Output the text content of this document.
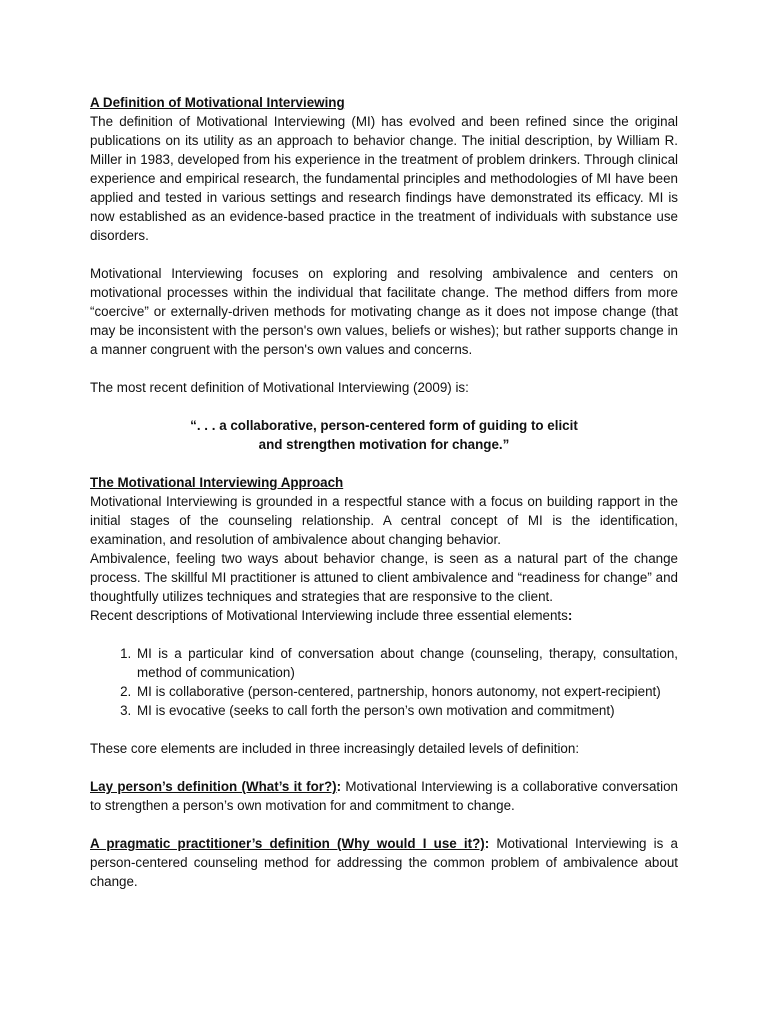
A Definition of Motivational Interviewing

The definition of Motivational Interviewing (MI) has evolved and been refined since the original publications on its utility as an approach to behavior change. The initial description, by William R. Miller in 1983, developed from his experience in the treatment of problem drinkers. Through clinical experience and empirical research, the fundamental principles and methodologies of MI have been applied and tested in various settings and research findings have demonstrated its efficacy. MI is now established as an evidence-based practice in the treatment of individuals with substance use disorders.

Motivational Interviewing focuses on exploring and resolving ambivalence and centers on motivational processes within the individual that facilitate change. The method differs from more “coercive” or externally-driven methods for motivating change as it does not impose change (that may be inconsistent with the person's own values, beliefs or wishes); but rather supports change in a manner congruent with the person's own values and concerns.

The most recent definition of Motivational Interviewing (2009) is:

“. . . a collaborative, person-centered form of guiding to elicit
and strengthen motivation for change.”
The Motivational Interviewing Approach

Motivational Interviewing is grounded in a respectful stance with a focus on building rapport in the initial stages of the counseling relationship. A central concept of MI is the identification, examination, and resolution of ambivalence about changing behavior.

Ambivalence, feeling two ways about behavior change, is seen as a natural part of the change process. The skillful MI practitioner is attuned to client ambivalence and “readiness for change” and thoughtfully utilizes techniques and strategies that are responsive to the client.

Recent descriptions of Motivational Interviewing include three essential elements:

1. MI is a particular kind of conversation about change (counseling, therapy, consultation, method of communication)
2. MI is collaborative (person-centered, partnership, honors autonomy, not expert-recipient)
3. MI is evocative (seeks to call forth the person’s own motivation and commitment)

These core elements are included in three increasingly detailed levels of definition:

Lay person’s definition (What’s it for?): Motivational Interviewing is a collaborative conversation to strengthen a person’s own motivation for and commitment to change.

A pragmatic practitioner’s definition (Why would I use it?): Motivational Interviewing is a person-centered counseling method for addressing the common problem of ambivalence about change.
